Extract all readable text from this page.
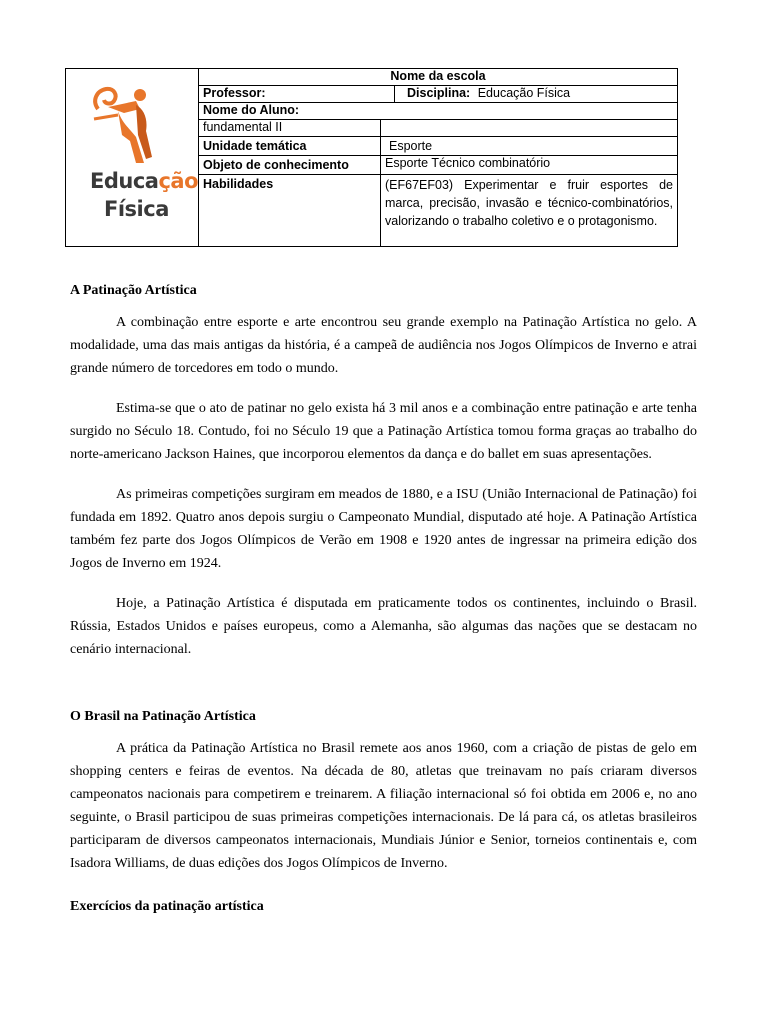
Educação
Física
Nome da escola
Professor:	Disciplina: Educação Física
Nome do Aluno:
fundamental II
Unidade temática	Esporte
Objeto de conhecimento	Esporte Técnico combinatório
Habilidades	(EF67EF03) Experimentar e fruir esportes de marca, precisão, invasão e técnico-combinatórios, valorizando o trabalho coletivo e o protagonismo.
A Patinação Artística

A combinação entre esporte e arte encontrou seu grande exemplo na Patinação Artística no gelo. A modalidade, uma das mais antigas da história, é a campeã de audiência nos Jogos Olímpicos de Inverno e atrai grande número de torcedores em todo o mundo.

Estima-se que o ato de patinar no gelo exista há 3 mil anos e a combinação entre patinação e arte tenha surgido no Século 18. Contudo, foi no Século 19 que a Patinação Artística tomou forma graças ao trabalho do norte-americano Jackson Haines, que incorporou elementos da dança e do ballet em suas apresentações.

As primeiras competições surgiram em meados de 1880, e a ISU (União Internacional de Patinação) foi fundada em 1892. Quatro anos depois surgiu o Campeonato Mundial, disputado até hoje. A Patinação Artística também fez parte dos Jogos Olímpicos de Verão em 1908 e 1920 antes de ingressar na primeira edição dos Jogos de Inverno em 1924.

Hoje, a Patinação Artística é disputada em praticamente todos os continentes, incluindo o Brasil. Rússia, Estados Unidos e países europeus, como a Alemanha, são algumas das nações que se destacam no cenário internacional.

O Brasil na Patinação Artística

A prática da Patinação Artística no Brasil remete aos anos 1960, com a criação de pistas de gelo em shopping centers e feiras de eventos. Na década de 80, atletas que treinavam no país criaram diversos campeonatos nacionais para competirem e treinarem. A filiação internacional só foi obtida em 2006 e, no ano seguinte, o Brasil participou de suas primeiras competições internacionais. De lá para cá, os atletas brasileiros participaram de diversos campeonatos internacionais, Mundiais Júnior e Senior, torneios continentais e, com Isadora Williams, de duas edições dos Jogos Olímpicos de Inverno.

Exercícios da patinação artística
